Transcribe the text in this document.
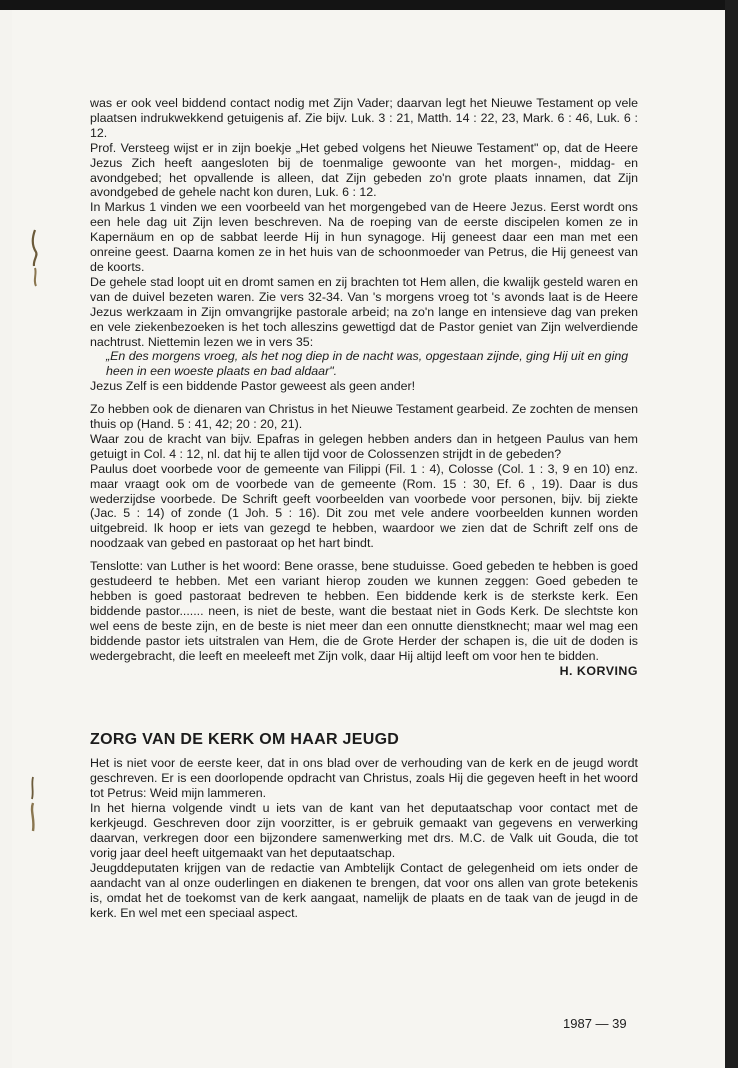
was er ook veel biddend contact nodig met Zijn Vader; daarvan legt het Nieuwe Testament op vele plaatsen indrukwekkend getuigenis af. Zie bijv. Luk. 3 : 21, Matth. 14 : 22, 23, Mark. 6 : 46, Luk. 6 : 12.

Prof. Versteeg wijst er in zijn boekje „Het gebed volgens het Nieuwe Testament" op, dat de Heere Jezus Zich heeft aangesloten bij de toenmalige gewoonte van het morgen-, middag- en avondgebed; het opvallende is alleen, dat Zijn gebeden zo'n grote plaats innamen, dat Zijn avondgebed de gehele nacht kon duren, Luk. 6 : 12.

In Markus 1 vinden we een voorbeeld van het morgengebed van de Heere Jezus. Eerst wordt ons een hele dag uit Zijn leven beschreven. Na de roeping van de eerste discipelen komen ze in Kapernäum en op de sabbat leerde Hij in hun synagoge. Hij geneest daar een man met een onreine geest. Daarna komen ze in het huis van de schoonmoeder van Petrus, die Hij geneest van de koorts.

De gehele stad loopt uit en dromt samen en zij brachten tot Hem allen, die kwalijk gesteld waren en van de duivel bezeten waren. Zie vers 32-34. Van 's morgens vroeg tot 's avonds laat is de Heere Jezus werkzaam in Zijn omvangrijke pastorale arbeid; na zo'n lange en intensieve dag van preken en vele ziekenbezoeken is het toch alleszins gewettigd dat de Pastor geniet van Zijn welverdiende nachtrust. Niettemin lezen we in vers 35:

„En des morgens vroeg, als het nog diep in de nacht was, opgestaan zijnde, ging Hij uit en ging heen in een woeste plaats en bad aldaar".

Jezus Zelf is een biddende Pastor geweest als geen ander!

Zo hebben ook de dienaren van Christus in het Nieuwe Testament gearbeid. Ze zochten de mensen thuis op (Hand. 5 : 41, 42; 20 : 20, 21).

Waar zou de kracht van bijv. Epafras in gelegen hebben anders dan in hetgeen Paulus van hem getuigt in Col. 4 : 12, nl. dat hij te allen tijd voor de Colossenzen strijdt in de gebeden?

Paulus doet voorbede voor de gemeente van Filippi (Fil. 1 : 4), Colosse (Col. 1 : 3, 9 en 10) enz. maar vraagt ook om de voorbede van de gemeente (Rom. 15 : 30, Ef. 6 , 19). Daar is dus wederzijdse voorbede. De Schrift geeft voorbeelden van voorbede voor personen, bijv. bij ziekte (Jac. 5 : 14) of zonde (1 Joh. 5 : 16). Dit zou met vele andere voorbeelden kunnen worden uitgebreid. Ik hoop er iets van gezegd te hebben, waardoor we zien dat de Schrift zelf ons de noodzaak van gebed en pastoraat op het hart bindt.

Tenslotte: van Luther is het woord: Bene orasse, bene studuisse. Goed gebeden te hebben is goed gestudeerd te hebben. Met een variant hierop zouden we kunnen zeggen: Goed gebeden te hebben is goed pastoraat bedreven te hebben. Een biddende kerk is de sterkste kerk. Een biddende pastor....... neen, is niet de beste, want die bestaat niet in Gods Kerk. De slechtste kon wel eens de beste zijn, en de beste is niet meer dan een onnutte dienstknecht; maar wel mag een biddende pastor iets uitstralen van Hem, die de Grote Herder der schapen is, die uit de doden is wedergebracht, die leeft en meeleeft met Zijn volk, daar Hij altijd leeft om voor hen te bidden.

H. KORVING

ZORG VAN DE KERK OM HAAR JEUGD

Het is niet voor de eerste keer, dat in ons blad over de verhouding van de kerk en de jeugd wordt geschreven. Er is een doorlopende opdracht van Christus, zoals Hij die gegeven heeft in het woord tot Petrus: Weid mijn lammeren.

In het hierna volgende vindt u iets van de kant van het deputaatschap voor contact met de kerkjeugd. Geschreven door zijn voorzitter, is er gebruik gemaakt van gegevens en verwerking daarvan, verkregen door een bijzondere samenwerking met drs. M.C. de Valk uit Gouda, die tot vorig jaar deel heeft uitgemaakt van het deputaatschap.

Jeugddeputaten krijgen van de redactie van Ambtelijk Contact de gelegenheid om iets onder de aandacht van al onze ouderlingen en diakenen te brengen, dat voor ons allen van grote betekenis is, omdat het de toekomst van de kerk aangaat, namelijk de plaats en de taak van de jeugd in de kerk. En wel met een speciaal aspect.

1987 — 39
